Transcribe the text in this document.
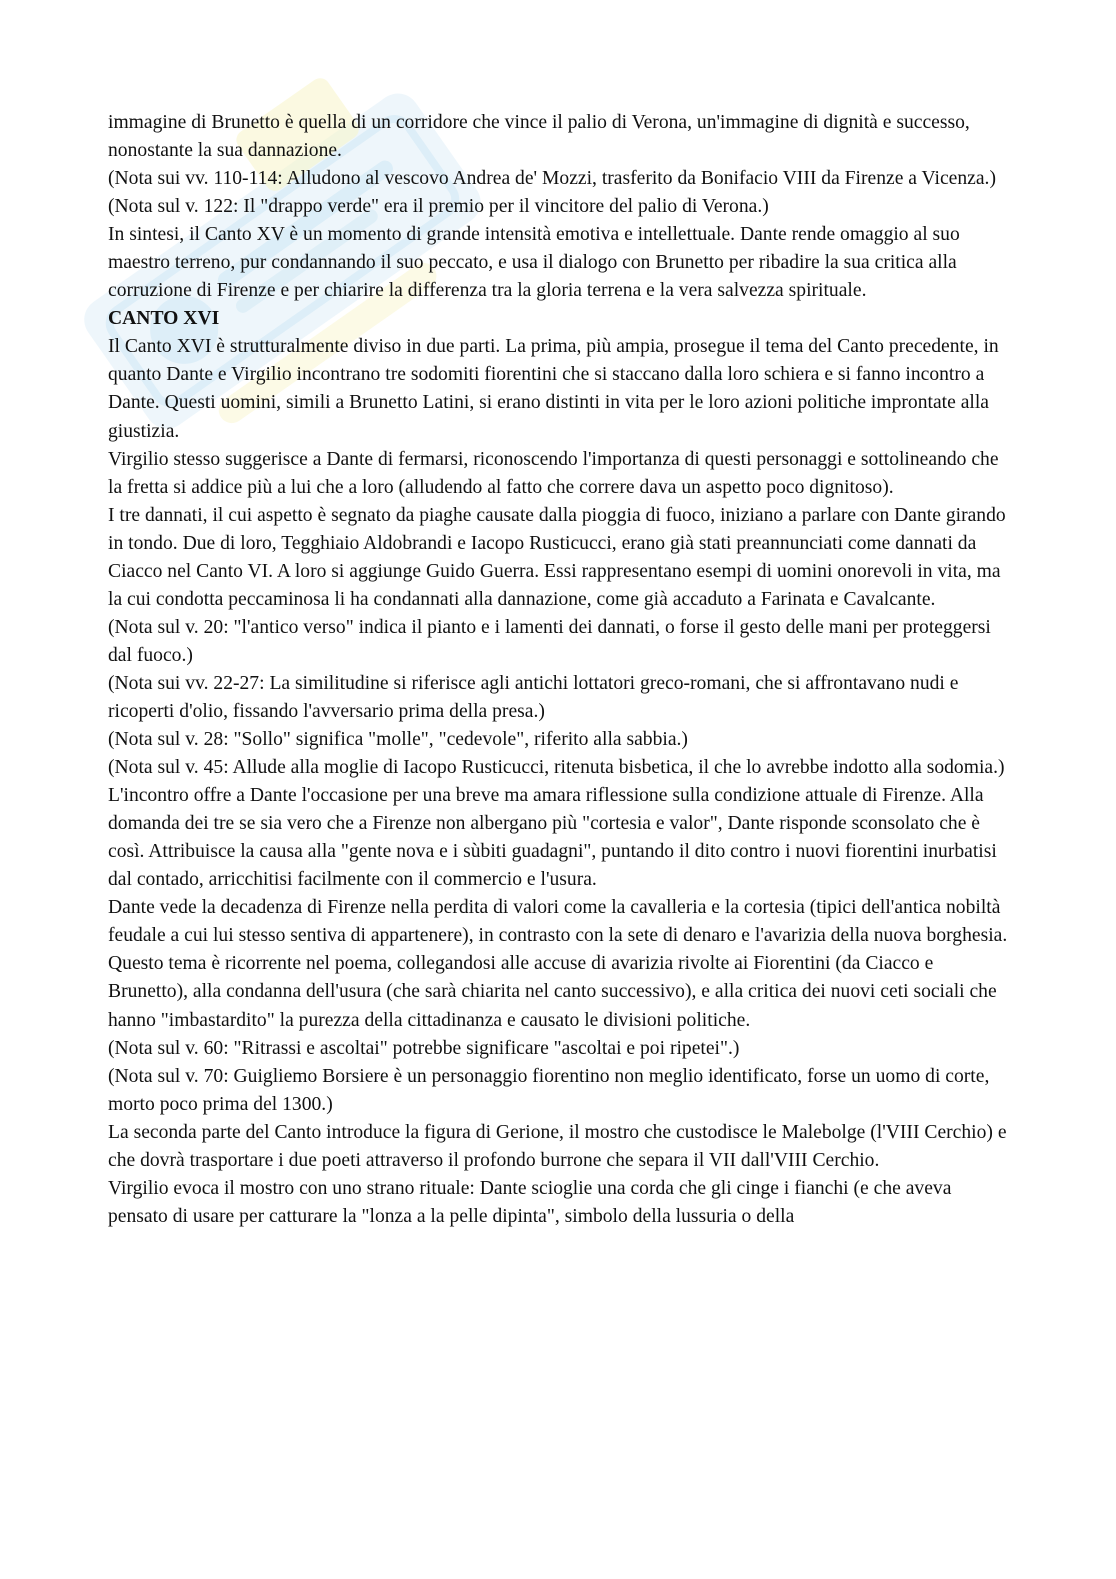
immagine di Brunetto è quella di un corridore che vince il palio di Verona, un'immagine di dignità e successo, nonostante la sua dannazione.

(Nota sui vv. 110-114: Alludono al vescovo Andrea de' Mozzi, trasferito da Bonifacio VIII da Firenze a Vicenza.)

(Nota sul v. 122: Il "drappo verde" era il premio per il vincitore del palio di Verona.)

In sintesi, il Canto XV è un momento di grande intensità emotiva e intellettuale. Dante rende omaggio al suo maestro terreno, pur condannando il suo peccato, e usa il dialogo con Brunetto per ribadire la sua critica alla corruzione di Firenze e per chiarire la differenza tra la gloria terrena e la vera salvezza spirituale.

CANTO XVI

Il Canto XVI è strutturalmente diviso in due parti. La prima, più ampia, prosegue il tema del Canto precedente, in quanto Dante e Virgilio incontrano tre sodomiti fiorentini che si staccano dalla loro schiera e si fanno incontro a Dante. Questi uomini, simili a Brunetto Latini, si erano distinti in vita per le loro azioni politiche improntate alla giustizia.

Virgilio stesso suggerisce a Dante di fermarsi, riconoscendo l'importanza di questi personaggi e sottolineando che la fretta si addice più a lui che a loro (alludendo al fatto che correre dava un aspetto poco dignitoso).

I tre dannati, il cui aspetto è segnato da piaghe causate dalla pioggia di fuoco, iniziano a parlare con Dante girando in tondo. Due di loro, Tegghiaio Aldobrandi e Iacopo Rusticucci, erano già stati preannunciati come dannati da Ciacco nel Canto VI. A loro si aggiunge Guido Guerra. Essi rappresentano esempi di uomini onorevoli in vita, ma la cui condotta peccaminosa li ha condannati alla dannazione, come già accaduto a Farinata e Cavalcante.

(Nota sul v. 20: "l'antico verso" indica il pianto e i lamenti dei dannati, o forse il gesto delle mani per proteggersi dal fuoco.)

(Nota sui vv. 22-27: La similitudine si riferisce agli antichi lottatori greco-romani, che si affrontavano nudi e ricoperti d'olio, fissando l'avversario prima della presa.)

(Nota sul v. 28: "Sollo" significa "molle", "cedevole", riferito alla sabbia.)

(Nota sul v. 45: Allude alla moglie di Iacopo Rusticucci, ritenuta bisbetica, il che lo avrebbe indotto alla sodomia.)

L'incontro offre a Dante l'occasione per una breve ma amara riflessione sulla condizione attuale di Firenze. Alla domanda dei tre se sia vero che a Firenze non albergano più "cortesia e valor", Dante risponde sconsolato che è così. Attribuisce la causa alla "gente nova e i sùbiti guadagni", puntando il dito contro i nuovi fiorentini inurbatisi dal contado, arricchitisi facilmente con il commercio e l'usura.

Dante vede la decadenza di Firenze nella perdita di valori come la cavalleria e la cortesia (tipici dell'antica nobiltà feudale a cui lui stesso sentiva di appartenere), in contrasto con la sete di denaro e l'avarizia della nuova borghesia. Questo tema è ricorrente nel poema, collegandosi alle accuse di avarizia rivolte ai Fiorentini (da Ciacco e Brunetto), alla condanna dell'usura (che sarà chiarita nel canto successivo), e alla critica dei nuovi ceti sociali che hanno "imbastardito" la purezza della cittadinanza e causato le divisioni politiche.

(Nota sul v. 60: "Ritrassi e ascoltai" potrebbe significare "ascoltai e poi ripetei".)

(Nota sul v. 70: Guigliemo Borsiere è un personaggio fiorentino non meglio identificato, forse un uomo di corte, morto poco prima del 1300.)

La seconda parte del Canto introduce la figura di Gerione, il mostro che custodisce le Malebolge (l'VIII Cerchio) e che dovrà trasportare i due poeti attraverso il profondo burrone che separa il VII dall'VIII Cerchio.

Virgilio evoca il mostro con uno strano rituale: Dante scioglie una corda che gli cinge i fianchi (e che aveva pensato di usare per catturare la "lonza a la pelle dipinta", simbolo della lussuria o della
